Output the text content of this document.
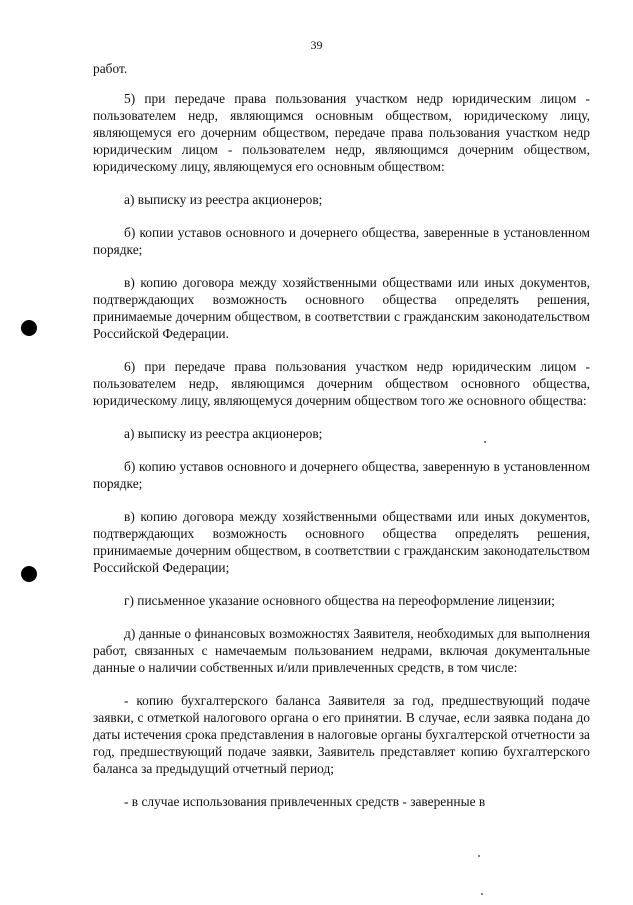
39

работ.

5) при передаче права пользования участком недр юридическим лицом - пользователем недр, являющимся основным обществом, юридическому лицу, являющемуся его дочерним обществом, передаче права пользования участком недр юридическим лицом - пользователем недр, являющимся дочерним обществом, юридическому лицу, являющемуся его основным обществом:

а) выписку из реестра акционеров;

б) копии уставов основного и дочернего общества, заверенные в установленном порядке;

в) копию договора между хозяйственными обществами или иных документов, подтверждающих возможность основного общества определять решения, принимаемые дочерним обществом, в соответствии с гражданским законодательством Российской Федерации.

6) при передаче права пользования участком недр юридическим лицом - пользователем недр, являющимся дочерним обществом основного общества, юридическому лицу, являющемуся дочерним обществом того же основного общества:

а) выписку из реестра акционеров;

б) копию уставов основного и дочернего общества, заверенную в установленном порядке;

в) копию договора между хозяйственными обществами или иных документов, подтверждающих возможность основного общества определять решения, принимаемые дочерним обществом, в соответствии с гражданским законодательством Российской Федерации;

г) письменное указание основного общества на переоформление лицензии;

д) данные о финансовых возможностях Заявителя, необходимых для выполнения работ, связанных с намечаемым пользованием недрами, включая документальные данные о наличии собственных и/или привлеченных средств, в том числе:

- копию бухгалтерского баланса Заявителя за год, предшествующий подаче заявки, с отметкой налогового органа о его принятии. В случае, если заявка подана до даты истечения срока представления в налоговые органы бухгалтерской отчетности за год, предшествующий подаче заявки, Заявитель представляет копию бухгалтерского баланса за предыдущий отчетный период;

- в случае использования привлеченных средств - заверенные в
